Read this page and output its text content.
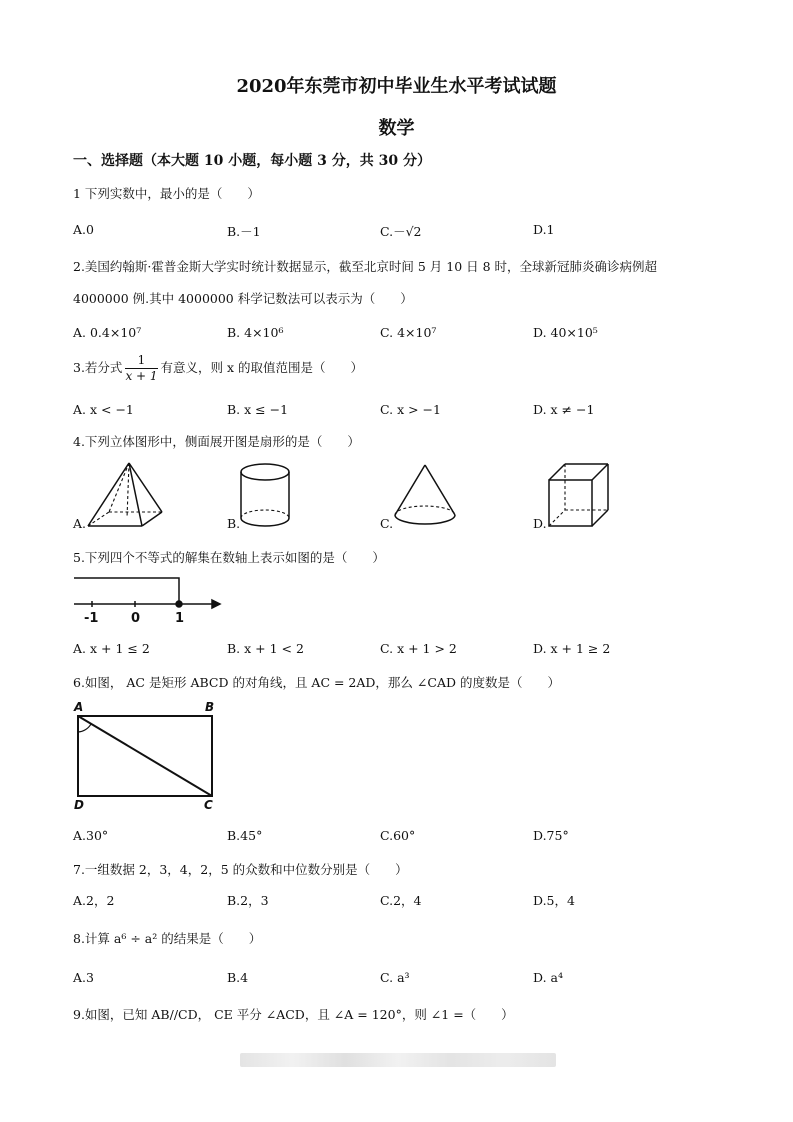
2020年东莞市初中毕业生水平考试试题
数学
一、选择题（本大题 10 小题，每小题 3 分，共 30 分）
1 下列实数中，最小的是（　　）
A.0	B.－1	C.－√2	D.1
2.美国约翰斯·霍普金斯大学实时统计数据显示，截至北京时间 5 月 10 日 8 时，全球新冠肺炎确诊病例超
4000000 例.其中 4000000 科学记数法可以表示为（　　）
A. 0.4×10⁷	B. 4×10⁶	C. 4×10⁷	D. 40×10⁵
3.若分式 $\frac{1}{x + 1}$ 有意义，则 x 的取值范围是（　　）
A. x < −1	B. x ≤ −1	C. x > −1	D. x ≠ −1
4.下列立体图形中，侧面展开图是扇形的是（　　）
A.	B.	C.	D.
5.下列四个不等式的解集在数轴上表示如图的是（　　）
-1	0	1
A. x + 1 ≤ 2	B. x + 1 < 2	C. x + 1 > 2	D. x + 1 ≥ 2
6.如图， AC 是矩形 ABCD 的对角线，且 AC = 2AD，那么 ∠CAD 的度数是（　　）
A	B
C
D
A.30°	B.45°	C.60°	D.75°
7.一组数据 2，3，4，2，5 的众数和中位数分别是（　　）
A.2，2	B.2，3	C.2，4	D.5，4
8.计算 a⁶ ÷ a² 的结果是（　　）
A.3	B.4	C. a³	D. a⁴
9.如图，已知 AB//CD， CE 平分 ∠ACD，且 ∠A = 120°，则 ∠1 =（　　）
